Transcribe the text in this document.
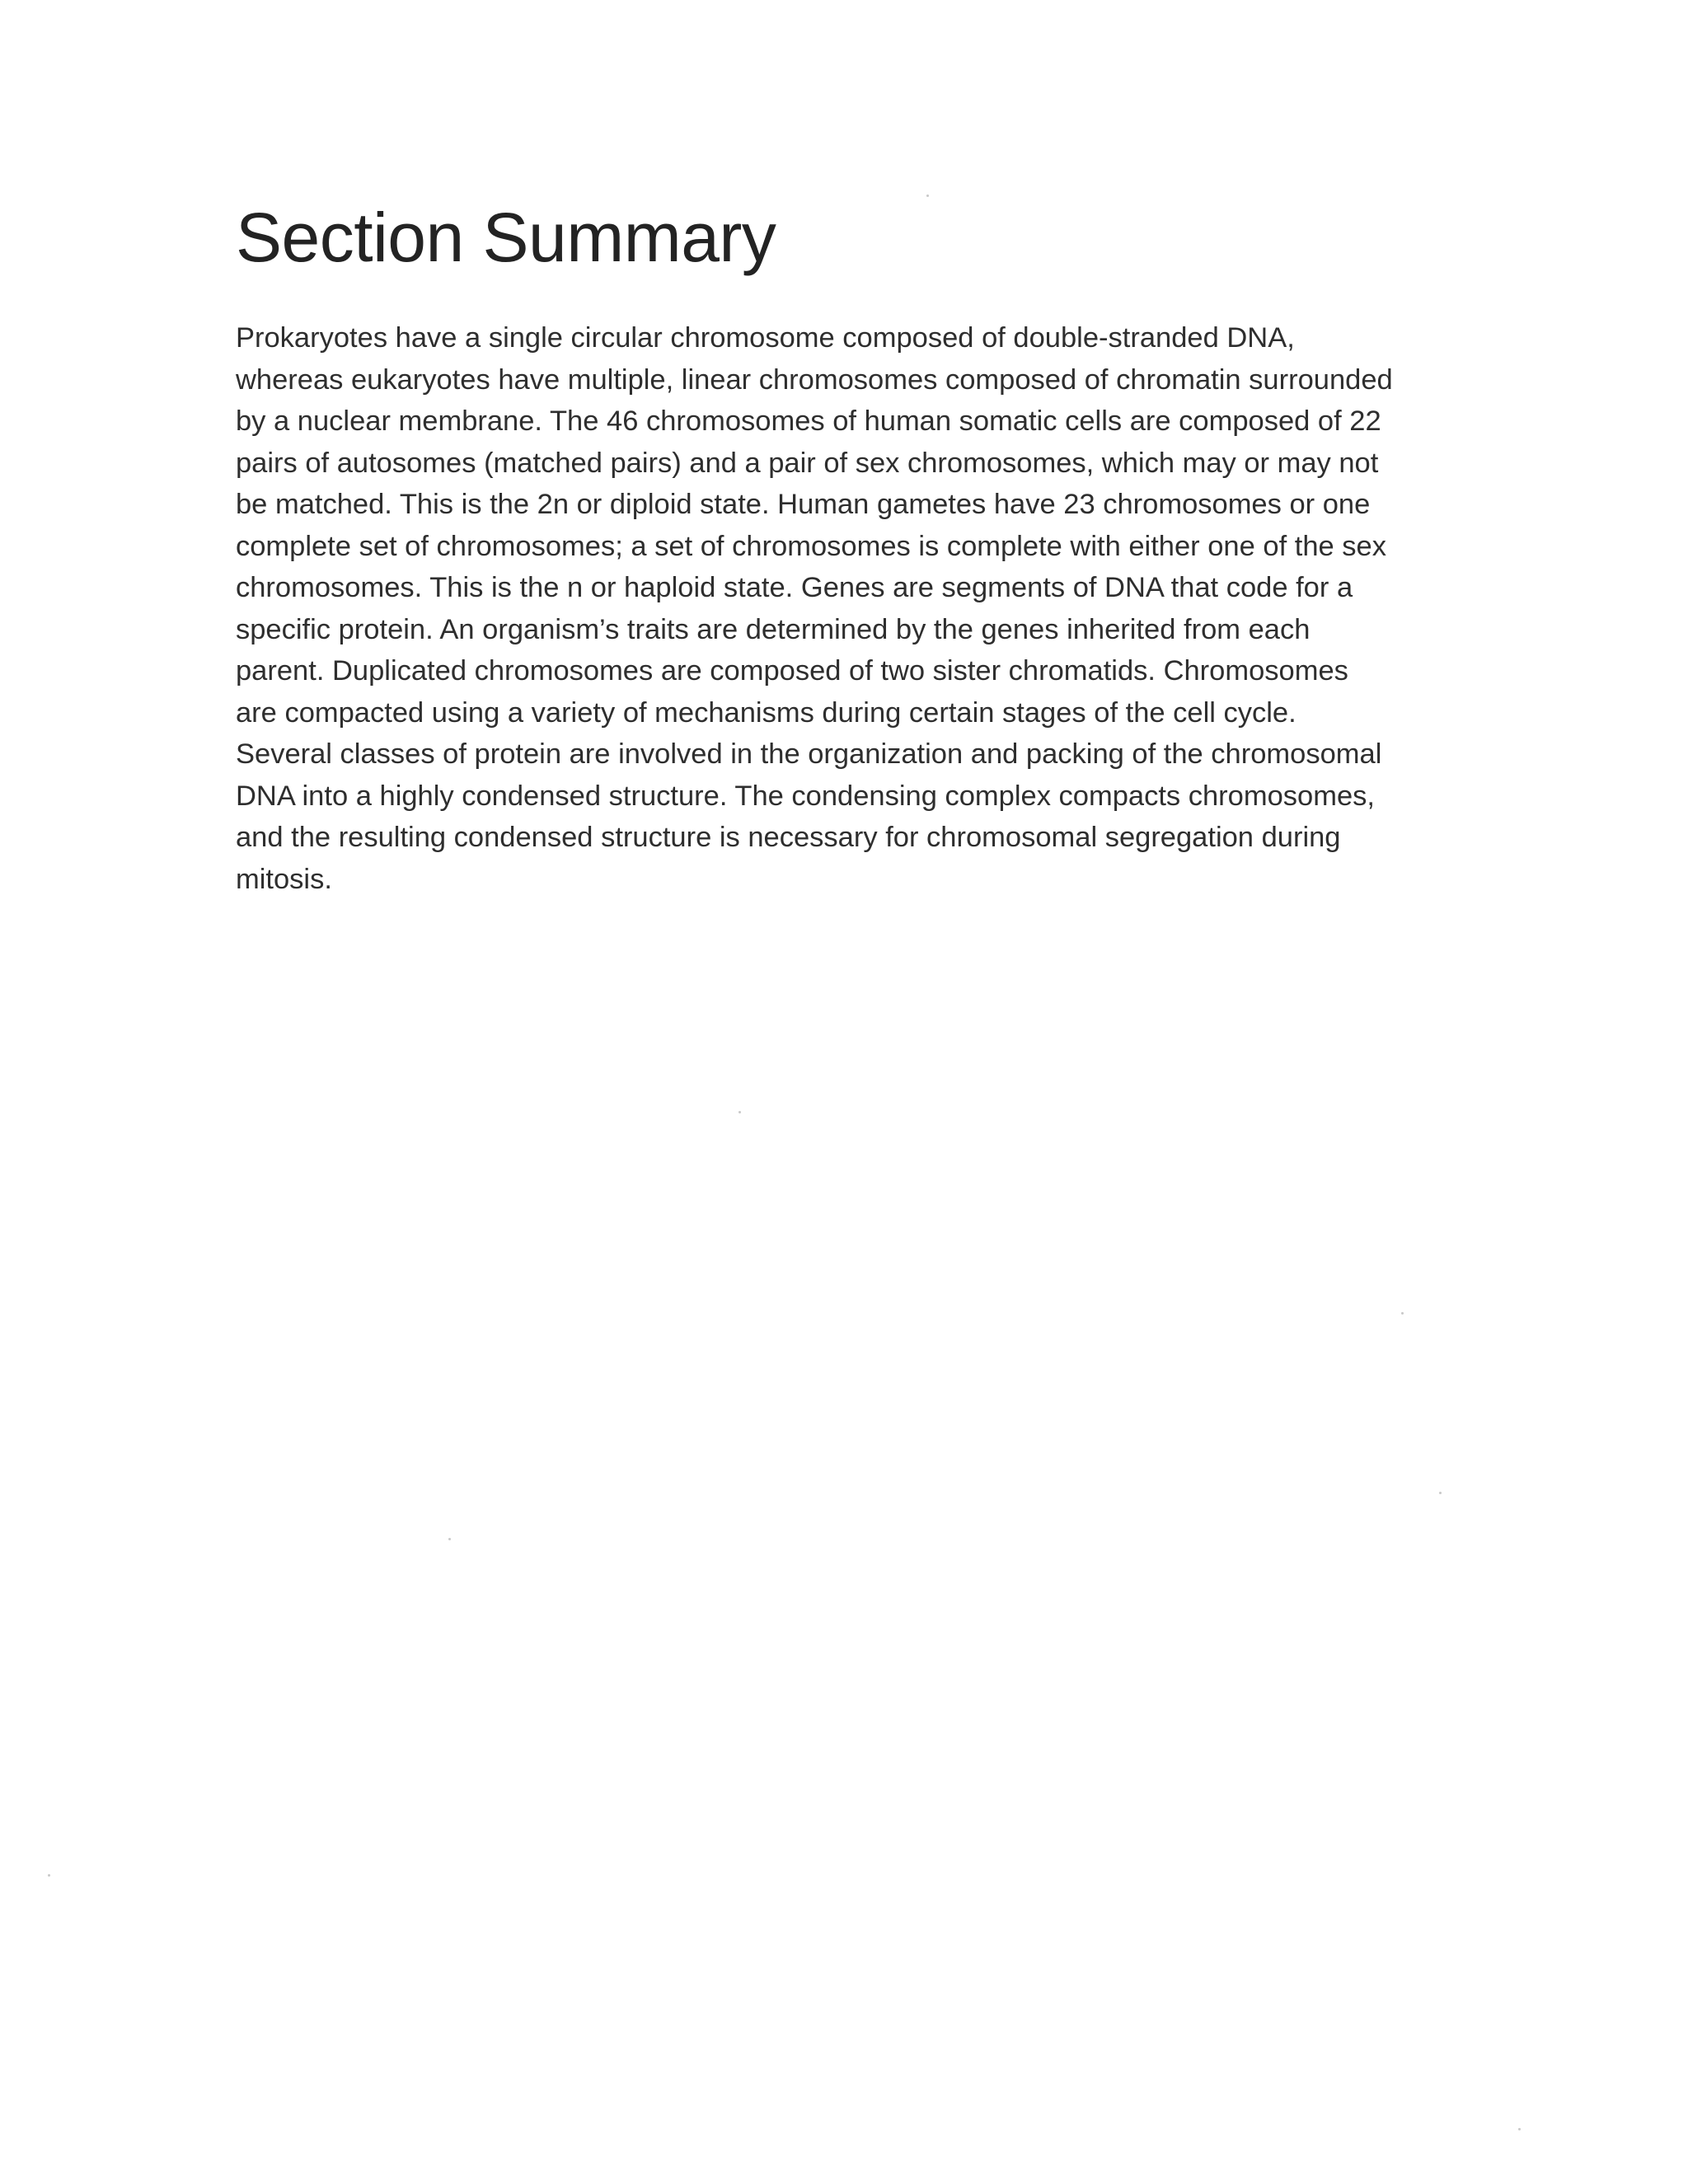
Section Summary

Prokaryotes have a single circular chromosome composed of double-stranded DNA,
whereas eukaryotes have multiple, linear chromosomes composed of chromatin surrounded
by a nuclear membrane. The 46 chromosomes of human somatic cells are composed of 22
pairs of autosomes (matched pairs) and a pair of sex chromosomes, which may or may not
be matched. This is the 2n or diploid state. Human gametes have 23 chromosomes or one
complete set of chromosomes; a set of chromosomes is complete with either one of the sex
chromosomes. This is the n or haploid state. Genes are segments of DNA that code for a
specific protein. An organism’s traits are determined by the genes inherited from each
parent. Duplicated chromosomes are composed of two sister chromatids. Chromosomes
are compacted using a variety of mechanisms during certain stages of the cell cycle.
Several classes of protein are involved in the organization and packing of the chromosomal
DNA into a highly condensed structure. The condensing complex compacts chromosomes,
and the resulting condensed structure is necessary for chromosomal segregation during
mitosis.
